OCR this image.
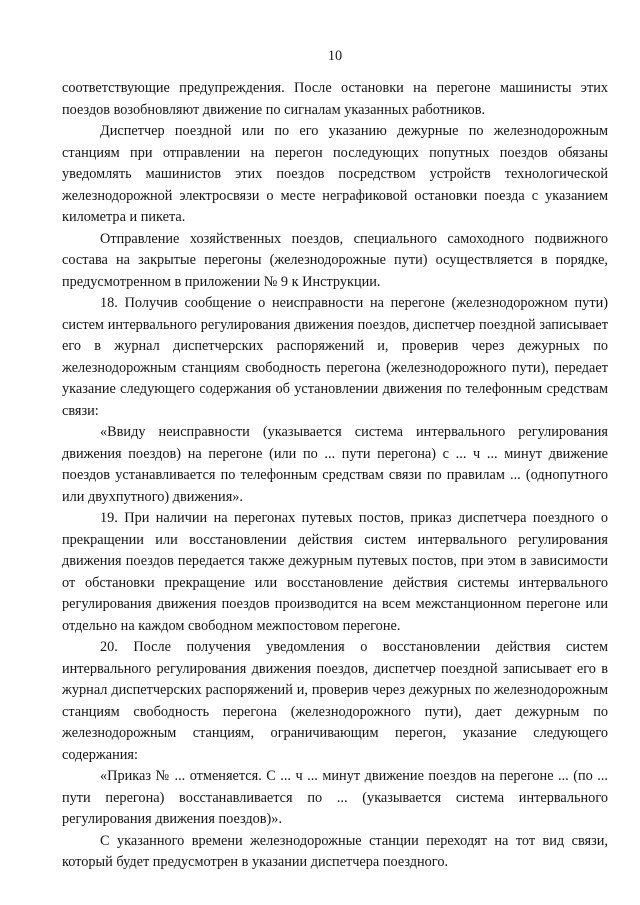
10

соответствующие предупреждения. После остановки на перегоне машинисты этих поездов возобновляют движение по сигналам указанных работников.

Диспетчер поездной или по его указанию дежурные по железнодорожным станциям при отправлении на перегон последующих попутных поездов обязаны уведомлять машинистов этих поездов посредством устройств технологической железнодорожной электросвязи о месте неграфиковой остановки поезда с указанием километра и пикета.

Отправление хозяйственных поездов, специального самоходного подвижного состава на закрытые перегоны (железнодорожные пути) осуществляется в порядке, предусмотренном в приложении № 9 к Инструкции.

18. Получив сообщение о неисправности на перегоне (железнодорожном пути) систем интервального регулирования движения поездов, диспетчер поездной записывает его в журнал диспетчерских распоряжений и, проверив через дежурных по железнодорожным станциям свободность перегона (железнодорожного пути), передает указание следующего содержания об установлении движения по телефонным средствам связи:

«Ввиду неисправности (указывается система интервального регулирования движения поездов) на перегоне (или по ... пути перегона) с ... ч ... минут движение поездов устанавливается по телефонным средствам связи по правилам ... (однопутного или двухпутного) движения».

19. При наличии на перегонах путевых постов, приказ диспетчера поездного о прекращении или восстановлении действия систем интервального регулирования движения поездов передается также дежурным путевых постов, при этом в зависимости от обстановки прекращение или восстановление действия системы интервального регулирования движения поездов производится на всем межстанционном перегоне или отдельно на каждом свободном межпостовом перегоне.

20. После получения уведомления о восстановлении действия систем интервального регулирования движения поездов, диспетчер поездной записывает его в журнал диспетчерских распоряжений и, проверив через дежурных по железнодорожным станциям свободность перегона (железнодорожного пути), дает дежурным по железнодорожным станциям, ограничивающим перегон, указание следующего содержания:

«Приказ № ... отменяется. С ... ч ... минут движение поездов на перегоне ... (по ... пути перегона) восстанавливается по ... (указывается система интервального регулирования движения поездов)».

С указанного времени железнодорожные станции переходят на тот вид связи, который будет предусмотрен в указании диспетчера поездного.
